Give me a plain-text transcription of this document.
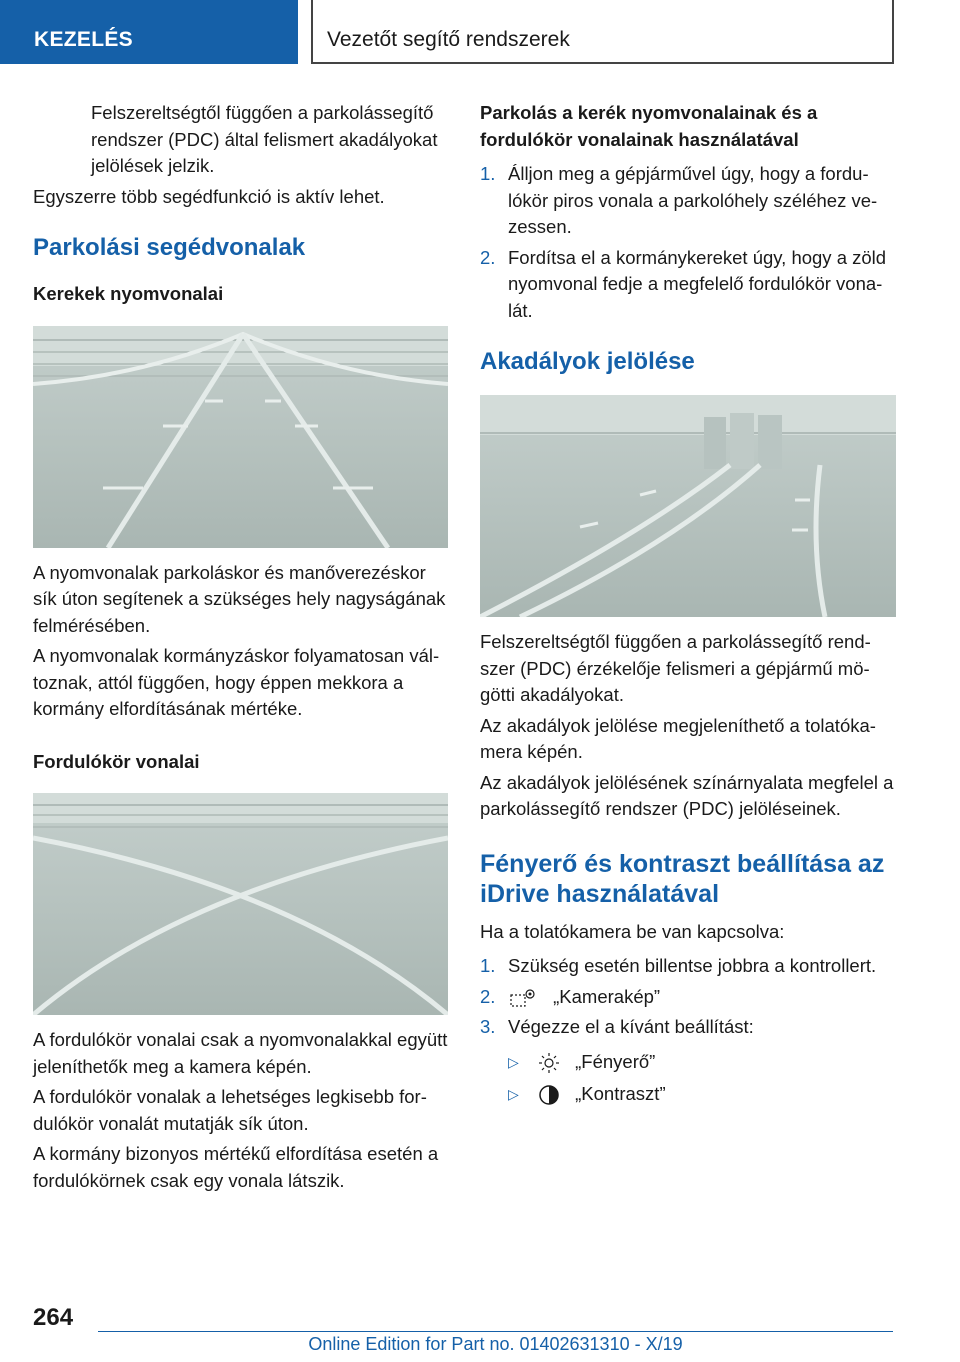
KEZELÉS	Vezetőt segítő rendszerek

Felszereltségtől függően a parkolássegítő rendszer (PDC) által felismert akadályokat jelölések jelzik.

Egyszerre több segédfunkció is aktív lehet.

Parkolási segédvonalak
Kerekek nyomvonalai

A nyomvonalak parkoláskor és manőverezéskor sík úton segítenek a szükséges hely nagyságának felmérésében.

A nyomvonalak kormányzáskor folyamatosan változnak, attól függően, hogy éppen mekkora a kormány elfordításának mértéke.

Fordulókör vonalai

A fordulókör vonalai csak a nyomvonalakkal együtt jeleníthetők meg a kamera képén.

A fordulókör vonalak a lehetséges legkisebb fordulókör vonalát mutatják sík úton.

A kormány bizonyos mértékű elfordítása esetén a fordulókörnek csak egy vonala látszik.

Parkolás a kerék nyomvonalainak és a fordulókör vonalainak használatával
1. Álljon meg a gépjárművel úgy, hogy a fordulókör piros vonala a parkolóhely széléhez vezessen.
2. Fordítsa el a kormánykereket úgy, hogy a zöld nyomvonal fedje a megfelelő fordulókör vonalát.
Akadályok jelölése

Felszereltségtől függően a parkolássegítő rendszer (PDC) érzékelője felismeri a gépjármű mögötti akadályokat.

Az akadályok jelölése megjeleníthető a tolatókamera képén.

Az akadályok jelölésének színárnyalata megfelel a parkolássegítő rendszer (PDC) jelöléseinek.

Fényerő és kontraszt beállítása az iDrive használatával

Ha a tolatókamera be van kapcsolva:

1. Szükség esetén billentse jobbra a kontrollert.
2.	„Kamerakép”
3. Végezze el a kívánt beállítást:
▷	„Fényerő”
▷	„Kontraszt”
264
Online Edition for Part no. 01402631310 - X/19
